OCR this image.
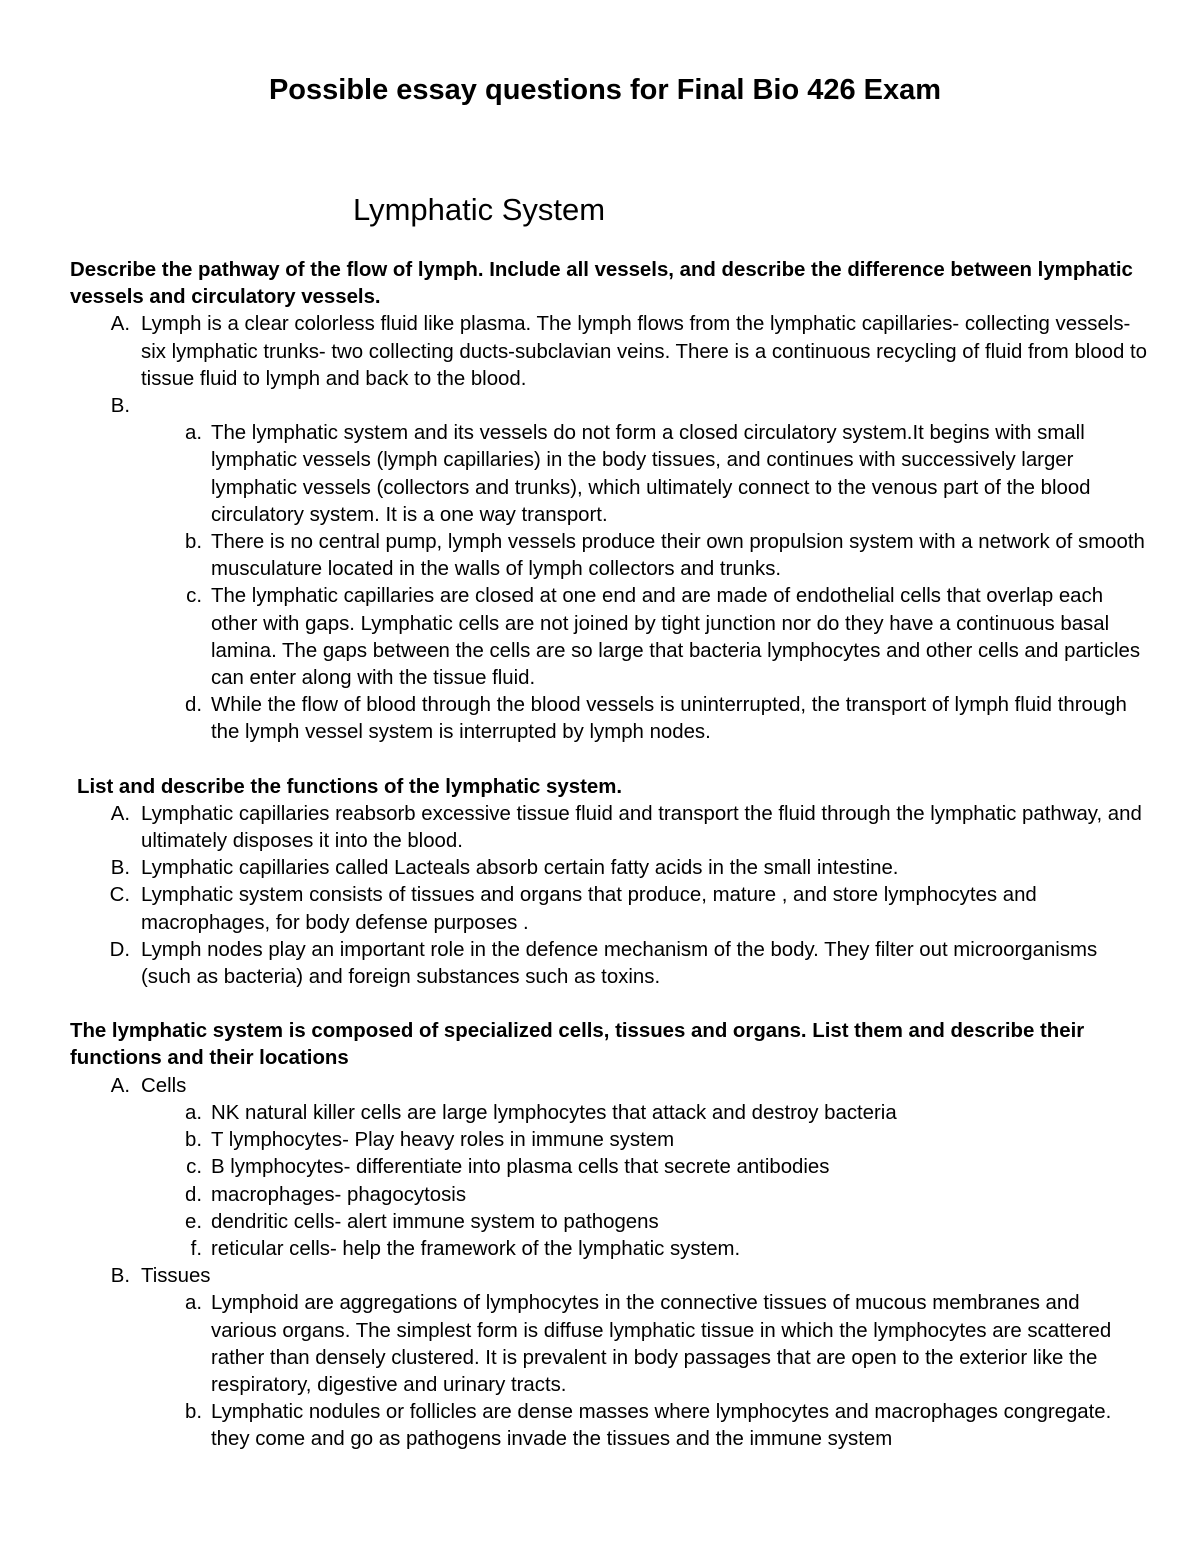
Possible essay questions for Final Bio 426 Exam
Lymphatic System

Describe the pathway of the flow of lymph. Include all vessels, and describe the difference between lymphatic vessels and circulatory vessels.

A. Lymph is a clear colorless fluid like plasma. The lymph flows from the lymphatic capillaries- collecting vessels- six lymphatic trunks- two collecting ducts-subclavian veins. There is a continuous recycling of fluid from blood to tissue fluid to lymph and back to the blood.
B.

a. The lymphatic system and its vessels do not form a closed circulatory system.It begins with small lymphatic vessels (lymph capillaries) in the body tissues, and continues with successively larger lymphatic vessels (collectors and trunks), which ultimately connect to the venous part of the blood circulatory system. It is a one way transport.
b. There is no central pump, lymph vessels produce their own propulsion system with a network of smooth musculature located in the walls of lymph collectors and trunks.
c. The lymphatic capillaries are closed at one end and are made of endothelial cells that overlap each other with gaps. Lymphatic cells are not joined by tight junction nor do they have a continuous basal lamina. The gaps between the cells are so large that bacteria lymphocytes and other cells and particles can enter along with the tissue fluid.
d. While the flow of blood through the blood vessels is uninterrupted, the transport of lymph fluid through the lymph vessel system is interrupted by lymph nodes.

List and describe the functions of the lymphatic system.

A. Lymphatic capillaries reabsorb excessive tissue fluid and transport the fluid through the lymphatic pathway, and ultimately disposes it into the blood.
B. Lymphatic capillaries called Lacteals absorb certain fatty acids in the small intestine.
C. Lymphatic system consists of tissues and organs that produce, mature , and store lymphocytes and macrophages, for body defense purposes .
D. Lymph nodes play an important role in the defence mechanism of the body. They filter out microorganisms (such as bacteria) and foreign substances such as toxins.

The lymphatic system is composed of specialized cells, tissues and organs. List them and describe their functions and their locations

A. Cells
a. NK natural killer cells are large lymphocytes that attack and destroy bacteria
b. T lymphocytes- Play heavy roles in immune system
c. B lymphocytes- differentiate into plasma cells that secrete antibodies
d. macrophages- phagocytosis
e. dendritic cells- alert immune system to pathogens
f. reticular cells- help the framework of the lymphatic system.
B. Tissues
a. Lymphoid are aggregations of lymphocytes in the connective tissues of mucous membranes and various organs. The simplest form is diffuse lymphatic tissue in which the lymphocytes are scattered rather than densely clustered. It is prevalent in body passages that are open to the exterior like the respiratory, digestive and urinary tracts.
b. Lymphatic nodules or follicles are dense masses where lymphocytes and macrophages congregate. they come and go as pathogens invade the tissues and the immune system
